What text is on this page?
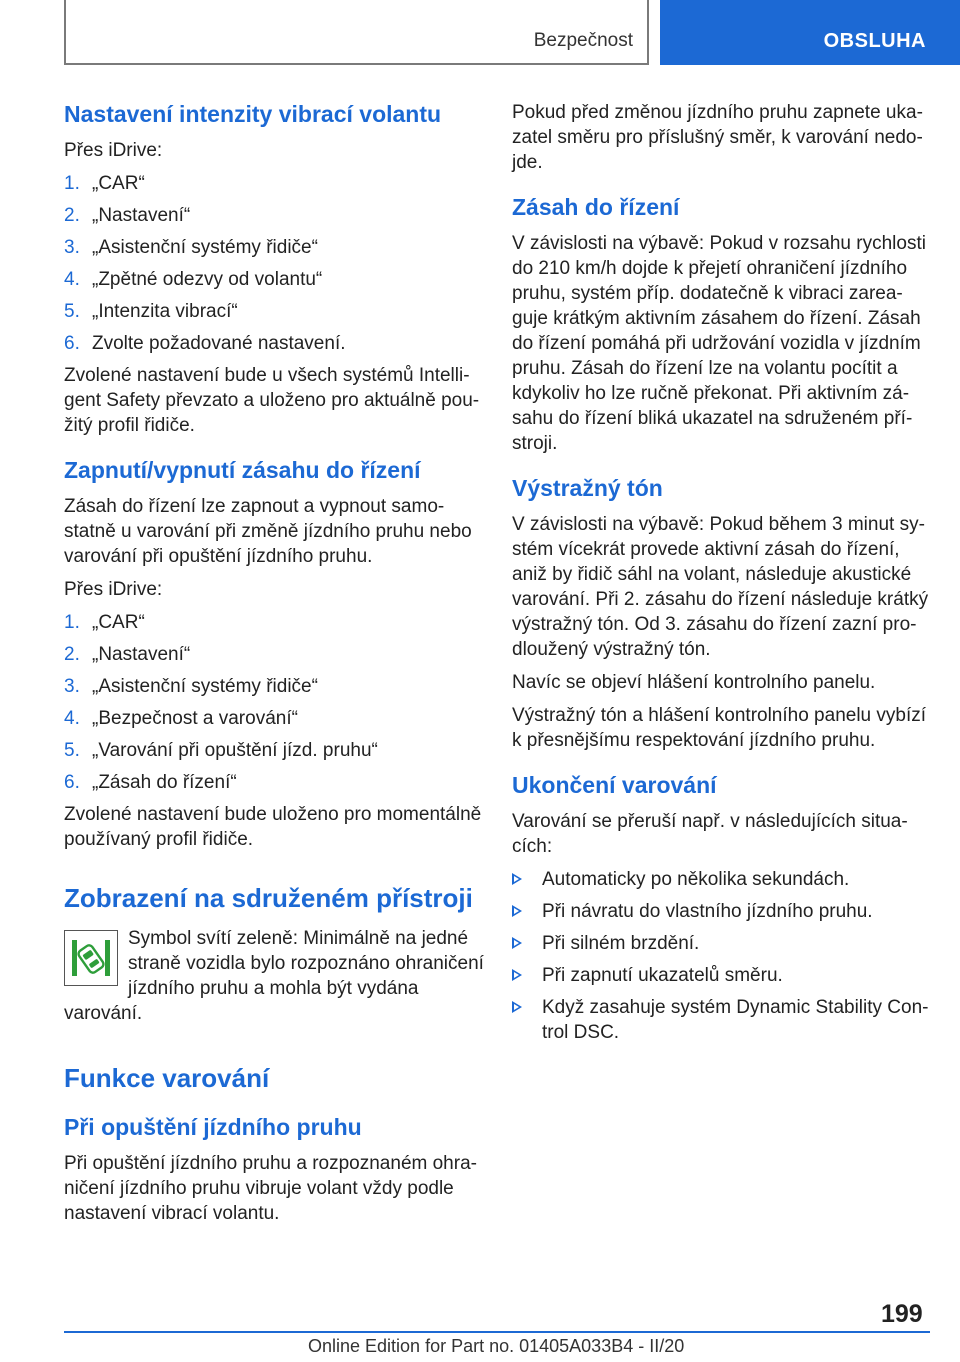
Bezpečnost	OBSLUHA
Nastavení intenzity vibrací volantu

Přes iDrive:

1. „CAR“
2. „Nastavení“
3. „Asistenční systémy řidiče“
4. „Zpětné odezvy od volantu“
5. „Intenzita vibrací“
6. Zvolte požadované nastavení.

Zvolené nastavení bude u všech systémů Intelligent Safety převzato a uloženo pro aktuálně použitý profil řidiče.

Zapnutí/vypnutí zásahu do řízení

Zásah do řízení lze zapnout a vypnout samostatně u varování při změně jízdního pruhu nebo varování při opuštění jízdního pruhu.

Přes iDrive:

1. „CAR“
2. „Nastavení“
3. „Asistenční systémy řidiče“
4. „Bezpečnost a varování“
5. „Varování při opuštění jízd. pruhu“
6. „Zásah do řízení“

Zvolené nastavení bude uloženo pro momentálně používaný profil řidiče.

Zobrazení na sdruženém přístroji

Symbol svítí zeleně: Minimálně na jedné straně vozidla bylo rozpoznáno ohraničení jízdního pruhu a mohla být vydána varování.

Funkce varování
Při opuštění jízdního pruhu

Při opuštění jízdního pruhu a rozpoznaném ohraničení jízdního pruhu vibruje volant vždy podle nastavení vibrací volantu.

Pokud před změnou jízdního pruhu zapnete ukazatel směru pro příslušný směr, k varování nedojde.

Zásah do řízení

V závislosti na výbavě: Pokud v rozsahu rychlosti do 210 km/h dojde k přejetí ohraničení jízdního pruhu, systém příp. dodatečně k vibraci zareaguje krátkým aktivním zásahem do řízení. Zásah do řízení pomáhá při udržování vozidla v jízdním pruhu. Zásah do řízení lze na volantu pocítit a kdykoliv ho lze ručně překonat. Při aktivním zásahu do řízení bliká ukazatel na sdruženém přístroji.

Výstražný tón

V závislosti na výbavě: Pokud během 3 minut systém vícekrát provede aktivní zásah do řízení, aniž by řidič sáhl na volant, následuje akustické varování. Při 2. zásahu do řízení následuje krátký výstražný tón. Od 3. zásahu do řízení zazní prodloužený výstražný tón.

Navíc se objeví hlášení kontrolního panelu.

Výstražný tón a hlášení kontrolního panelu vybízí k přesnějšímu respektování jízdního pruhu.

Ukončení varování

Varování se přeruší např. v následujících situacích:

Automaticky po několika sekundách.
Při návratu do vlastního jízdního pruhu.
Při silném brzdění.
Při zapnutí ukazatelů směru.
Když zasahuje systém Dynamic Stability Control DSC.
199
Online Edition for Part no. 01405A033B4 - II/20
